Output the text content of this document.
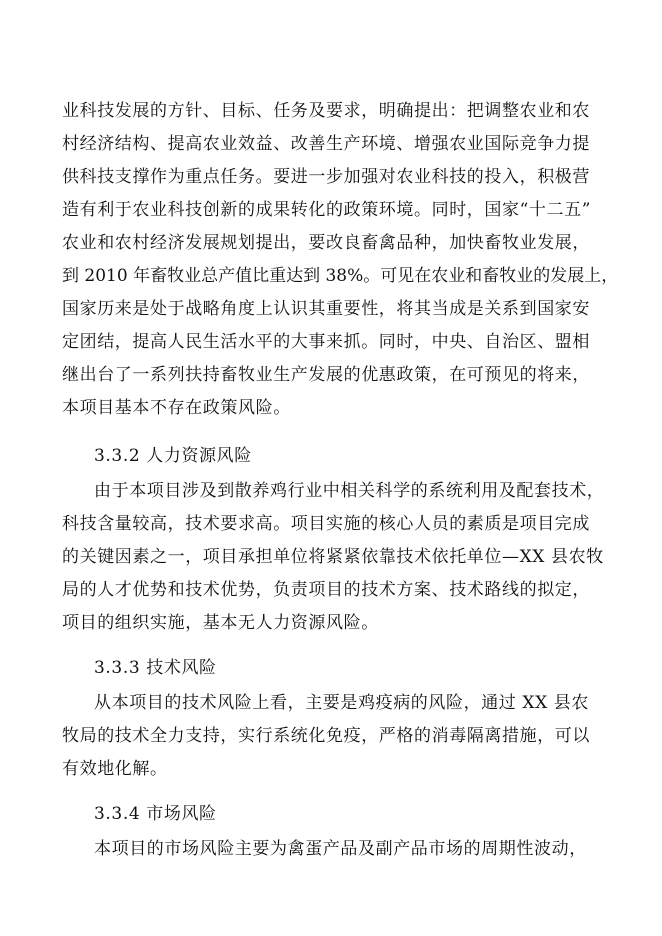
业科技发展的方针、目标、任务及要求，明确提出：把调整农业和农
村经济结构、提高农业效益、改善生产环境、增强农业国际竞争力提
供科技支撑作为重点任务。要进一步加强对农业科技的投入，积极营
造有利于农业科技创新的成果转化的政策环境。同时，国家“十二五”
农业和农村经济发展规划提出，要改良畜禽品种，加快畜牧业发展，
到 2010 年畜牧业总产值比重达到 38%。可见在农业和畜牧业的发展上，
国家历来是处于战略角度上认识其重要性，将其当成是关系到国家安
定团结，提高人民生活水平的大事来抓。同时，中央、自治区、盟相
继出台了一系列扶持畜牧业生产发展的优惠政策，在可预见的将来，
本项目基本不存在政策风险。
3.3.2 人力资源风险
由于本项目涉及到散养鸡行业中相关科学的系统利用及配套技术，
科技含量较高，技术要求高。项目实施的核心人员的素质是项目完成
的关键因素之一，项目承担单位将紧紧依靠技术依托单位—XX 县农牧
局的人才优势和技术优势，负责项目的技术方案、技术路线的拟定，
项目的组织实施，基本无人力资源风险。
3.3.3 技术风险
从本项目的技术风险上看，主要是鸡疫病的风险，通过 XX 县农
牧局的技术全力支持，实行系统化免疫，严格的消毒隔离措施，可以
有效地化解。
3.3.4 市场风险
本项目的市场风险主要为禽蛋产品及副产品市场的周期性波动，
